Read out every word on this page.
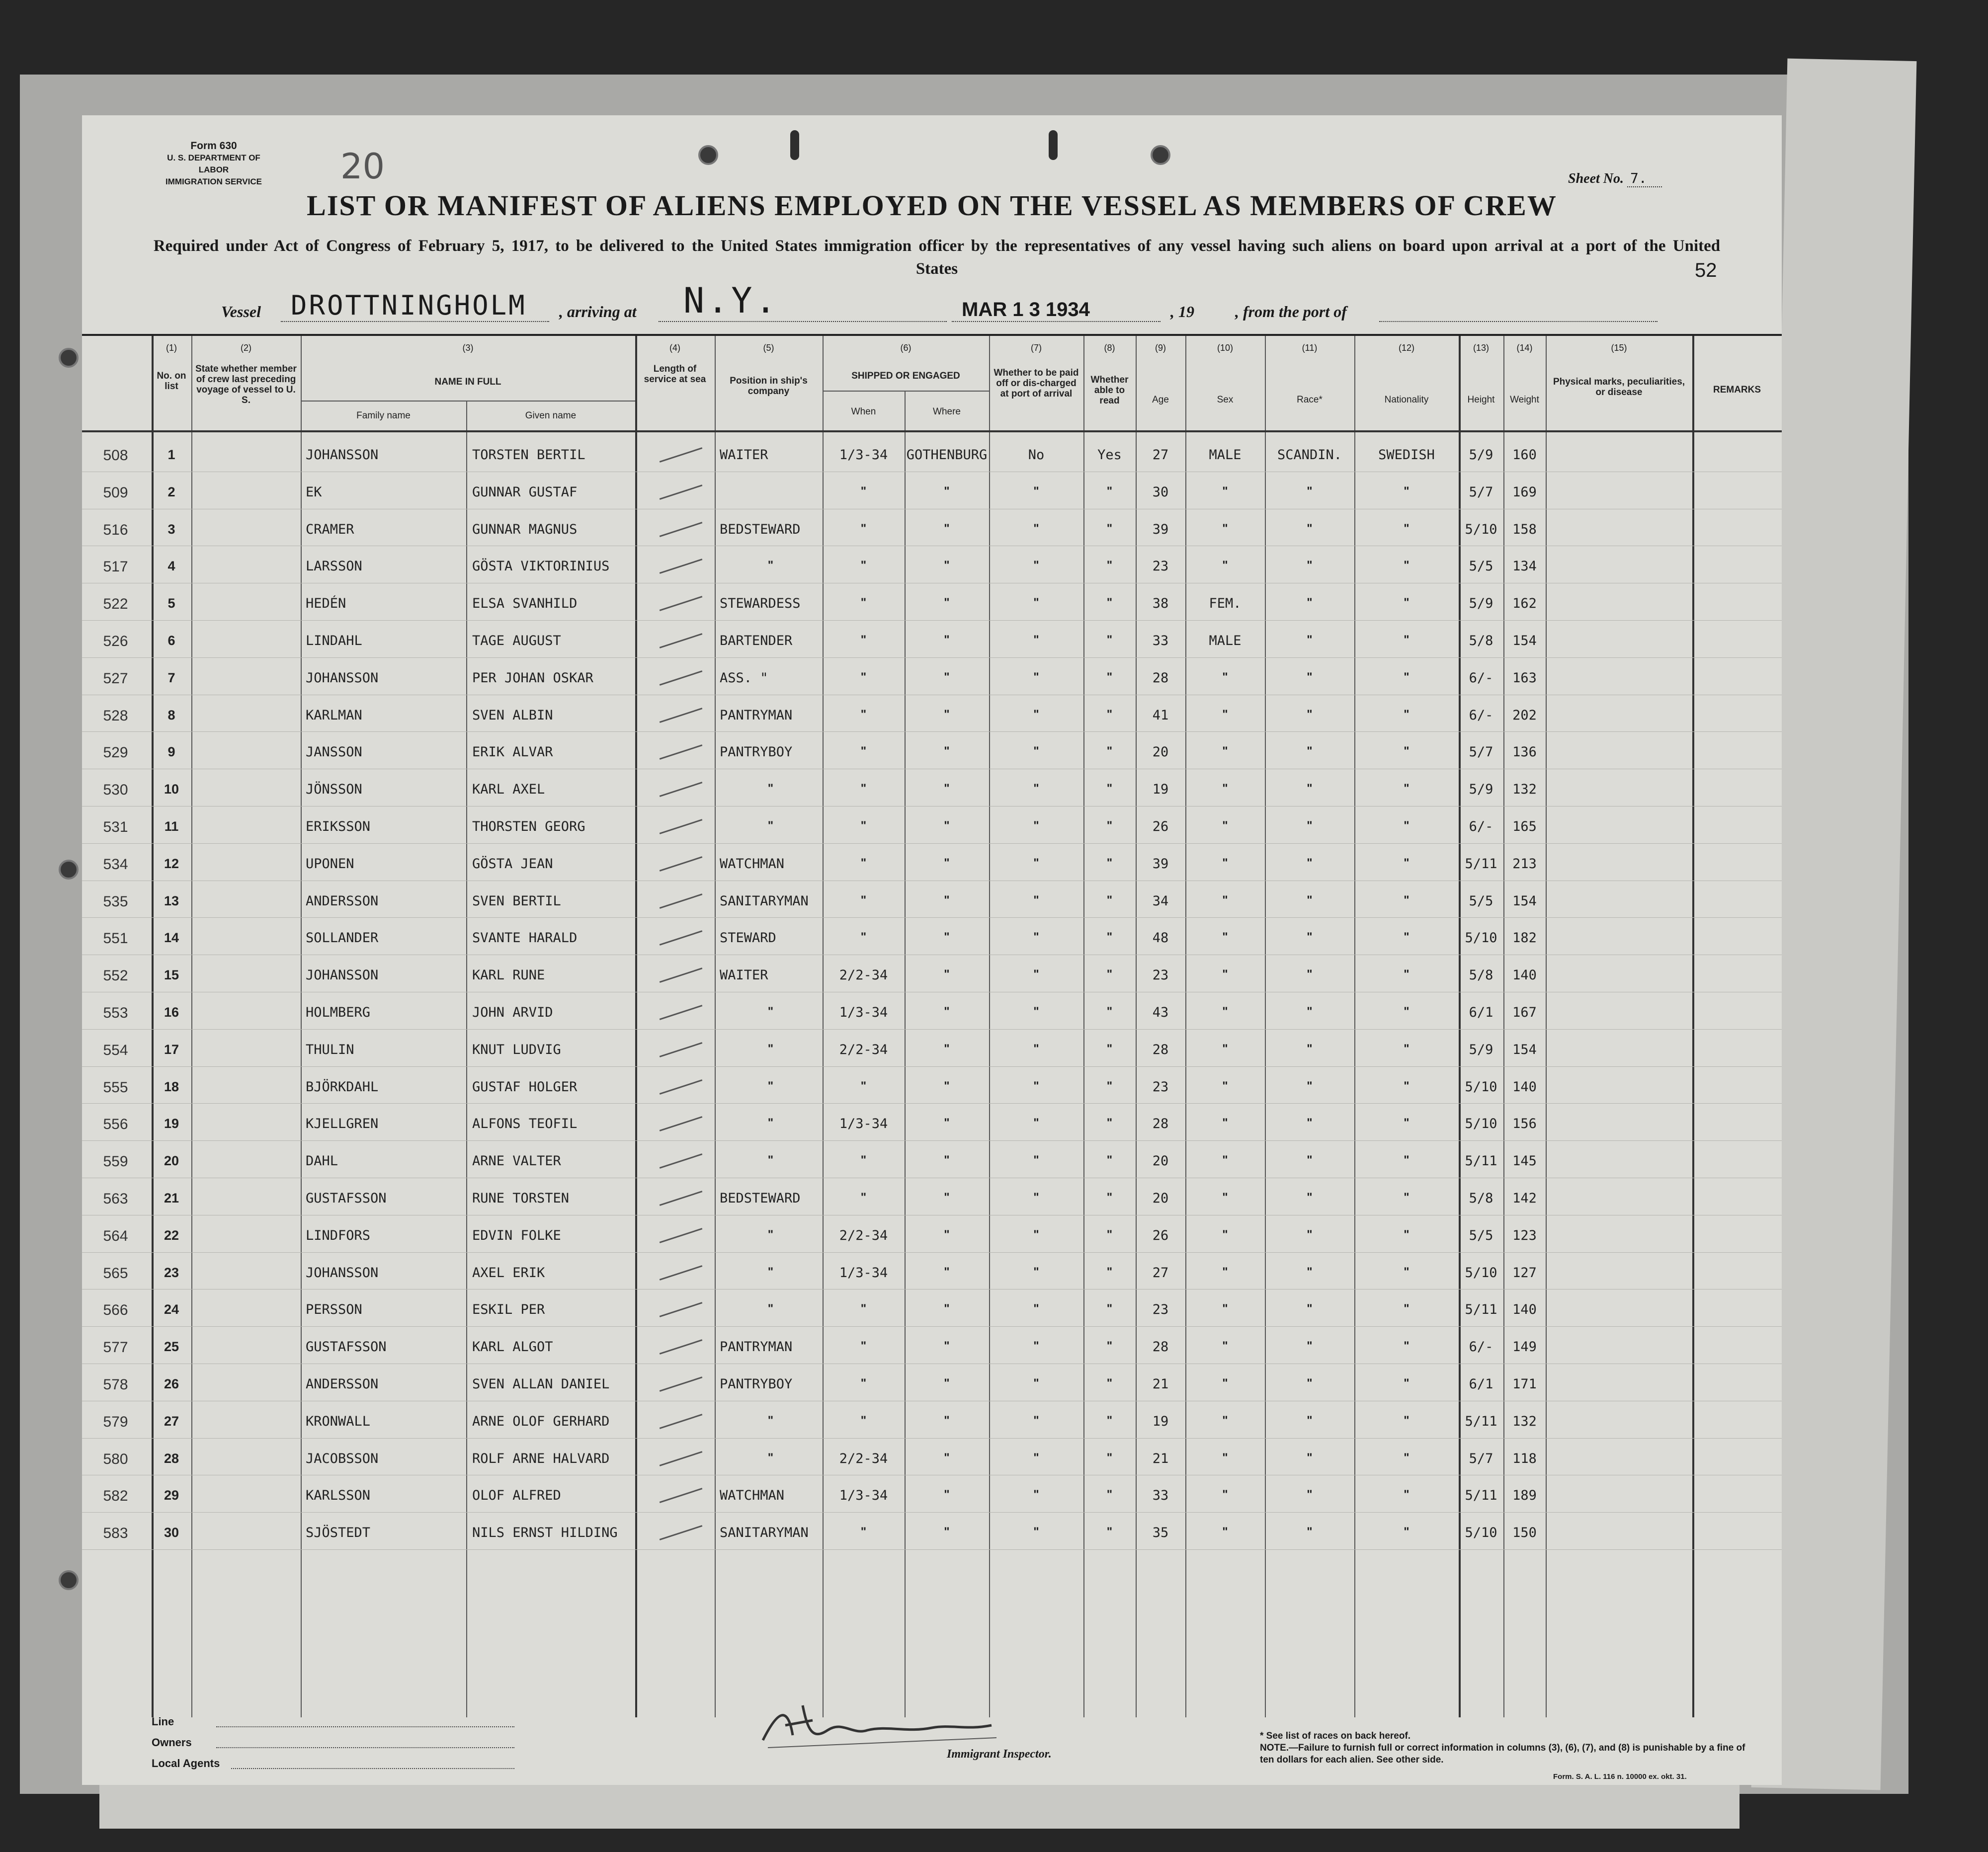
Form 630
U. S. DEPARTMENT OF LABOR
IMMIGRATION SERVICE 20	Sheet No. 7.
LIST OR MANIFEST OF ALIENS EMPLOYED ON THE VESSEL AS MEMBERS OF CREW
Required under Act of Congress of February 5, 1917, to be delivered to the United States immigration officer by the representatives of any vessel having such aliens on board upon arrival at a port of the United States	52
Vessel DROTTNINGHOLM , arriving at N.Y.	MAR 1 3 1934	, 19	, from the port of
(2)
(1)	(3)	(4)	(5)	(6)	(7)	(8)	(9)	(10)	(11)	(12)	(13)	(14)	(15)
No. on list
State whether member of crew last preceding voyage of vessel to U. S.
NAME IN FULL
Family name	Given name
Length of service at sea	Position in ship's company
SHIPPED OR ENGAGED
When	Where
Whether to be paid off or dis-charged at port of arrival
Whether able to read	Age	Sex	Race*	Nationality	Height	Weight
Physical marks, peculiarities, or disease	REMARKS
508	1	JOHANSSON	TORSTEN BERTIL	WAITER	1/3-34	GOTHENBURG	No	Yes	27	MALE	SCANDIN.	SWEDISH	5/9	160
509	2	EK	GUNNAR GUSTAF	"	"	"	"	30	"	"	"	5/7	169
516	3	CRAMER	GUNNAR MAGNUS	BEDSTEWARD	"	"	"	"	39	"	"	"	5/10	158
517	4	LARSSON	GÖSTA VIKTORINIUS	"	"	"	"	"	23	"	"	"	5/5	134
522	5	HEDÉN	ELSA SVANHILD	STEWARDESS	"	"	"	"	38	FEM.	"	"	5/9	162
526	6	LINDAHL	TAGE AUGUST	BARTENDER	"	"	"	"	33	MALE	"	"	5/8	154
527	7	JOHANSSON	PER JOHAN OSKAR	ASS. "	"	"	"	"	28	"	"	"	6/-	163
528	8	KARLMAN	SVEN ALBIN	PANTRYMAN	"	"	"	"	41	"	"	"	6/-	202
529	9	JANSSON	ERIK ALVAR	PANTRYBOY	"	"	"	"	20	"	"	"	5/7	136
530	10	JÖNSSON	KARL AXEL	"	"	"	"	"	19	"	"	"	5/9	132
531	11	ERIKSSON	THORSTEN GEORG	"	"	"	"	"	26	"	"	"	6/-	165
534	12	UPONEN	GÖSTA JEAN	WATCHMAN	"	"	"	"	39	"	"	"	5/11	213
535	13	ANDERSSON	SVEN BERTIL	SANITARYMAN	"	"	"	"	34	"	"	"	5/5	154
551	14	SOLLANDER	SVANTE HARALD	STEWARD	"	"	"	"	48	"	"	"	5/10	182
552	15	JOHANSSON	KARL RUNE	WAITER	2/2-34	"	"	"	23	"	"	"	5/8	140
553	16	HOLMBERG	JOHN ARVID	"	1/3-34	"	"	"	43	"	"	"	6/1	167
554	17	THULIN	KNUT LUDVIG	"	2/2-34	"	"	"	28	"	"	"	5/9	154
555	18	BJÖRKDAHL	GUSTAF HOLGER	"	"	"	"	"	23	"	"	"	5/10	140
556	19	KJELLGREN	ALFONS TEOFIL	"	1/3-34	"	"	"	28	"	"	"	5/10	156
559	20	DAHL	ARNE VALTER	"	"	"	"	"	20	"	"	"	5/11	145
563	21	GUSTAFSSON	RUNE TORSTEN	BEDSTEWARD	"	"	"	"	20	"	"	"	5/8	142
564	22	LINDFORS	EDVIN FOLKE	"	2/2-34	"	"	"	26	"	"	"	5/5	123
565	23	JOHANSSON	AXEL ERIK	"	1/3-34	"	"	"	27	"	"	"	5/10	127
566	24	PERSSON	ESKIL PER	"	"	"	"	"	23	"	"	"	5/11	140
577	25	GUSTAFSSON	KARL ALGOT	PANTRYMAN	"	"	"	"	28	"	"	"	6/-	149
578	26	ANDERSSON	SVEN ALLAN DANIEL	PANTRYBOY	"	"	"	"	21	"	"	"	6/1	171
579	27	KRONWALL	ARNE OLOF GERHARD	"	"	"	"	"	19	"	"	"	5/11	132
580	28	JACOBSSON	ROLF ARNE HALVARD	"	2/2-34	"	"	"	21	"	"	"	5/7	118
582	29	KARLSSON	OLOF ALFRED	WATCHMAN	1/3-34	"	"	"	33	"	"	"	5/11	189
583	30	SJÖSTEDT	NILS ERNST HILDING	SANITARYMAN	"	"	"	"	35	"	"	"	5/10	150
Line
Owners
Local Agents
Immigrant Inspector.
* See list of races on back hereof.
NOTE.—Failure to furnish full or correct information in columns (3), (6), (7), and (8) is punishable by a fine of ten dollars for each alien. See other side.
Form. S. A. L. 116 n. 10000 ex. okt. 31.
